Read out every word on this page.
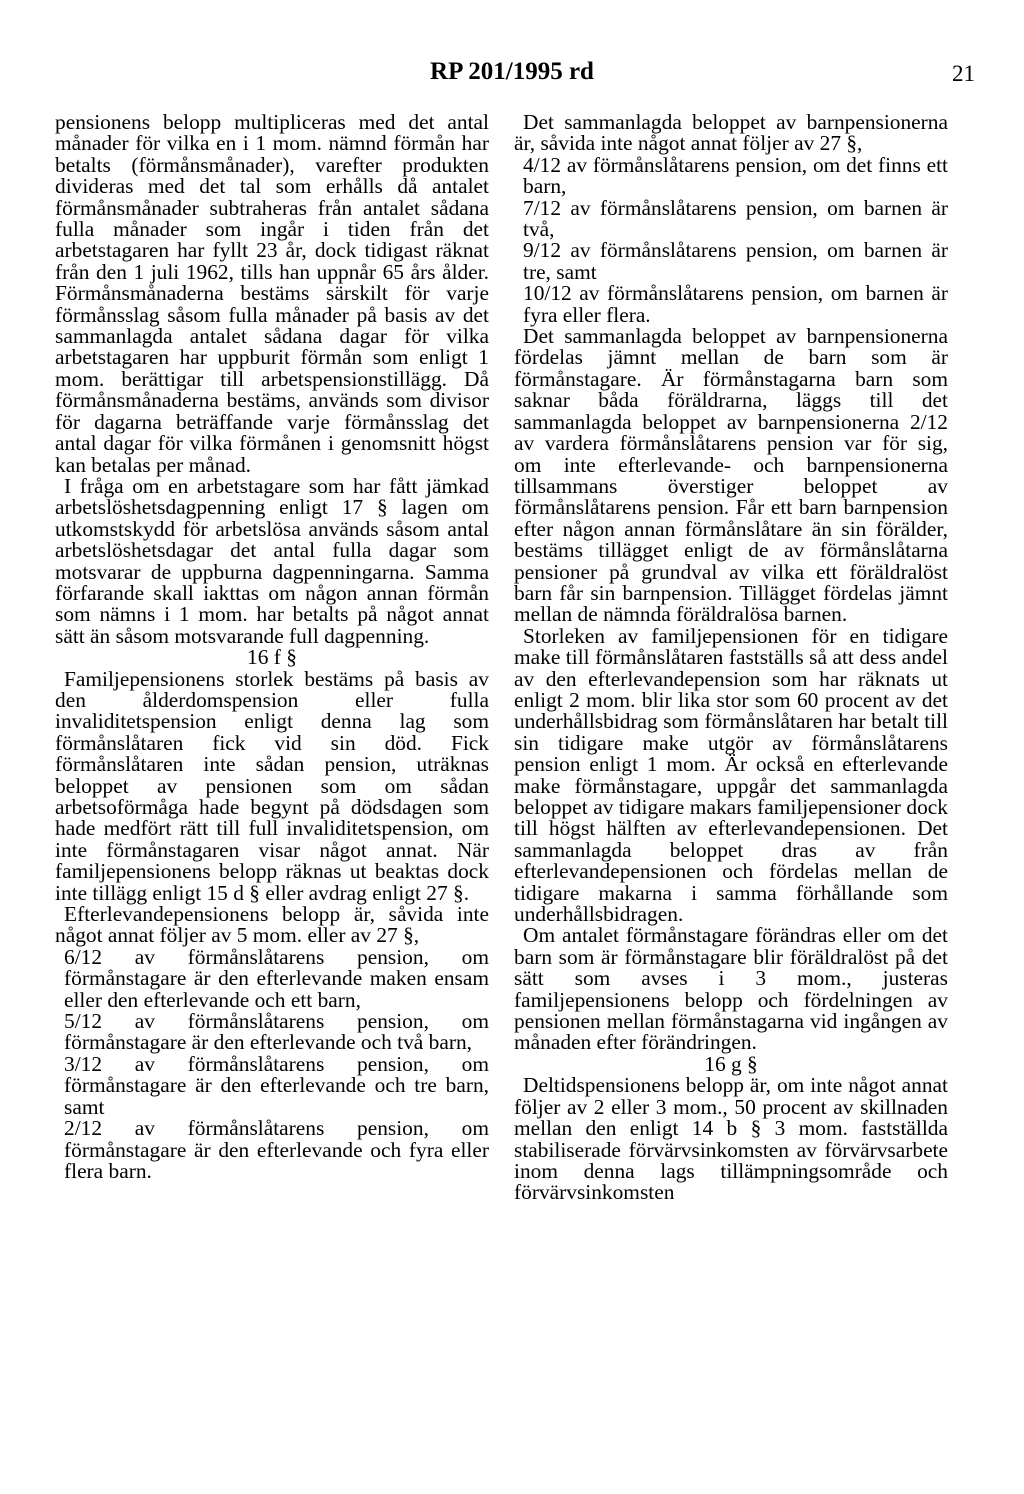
RP 201/1995 rd	21

pensionens belopp multipliceras med det antal månader för vilka en i 1 mom. nämnd förmån har betalts (förmånsmånader), varefter produkten divideras med det tal som erhålls då antalet förmånsmånader subtraheras från antalet sådana fulla månader som ingår i tiden från det arbetstagaren har fyllt 23 år, dock tidigast räknat från den 1 juli 1962, tills han uppnår 65 års ålder. Förmånsmånaderna bestäms särskilt för varje förmånsslag såsom fulla månader på basis av det sammanlagda antalet sådana dagar för vilka arbetstagaren har uppburit förmån som enligt 1 mom. berättigar till arbetspensionstillägg. Då förmånsmånaderna bestäms, används som divisor för dagarna beträffande varje förmånsslag det antal dagar för vilka förmånen i genomsnitt högst kan betalas per månad.

I fråga om en arbetstagare som har fått jämkad arbetslöshetsdagpenning enligt 17 § lagen om utkomstskydd för arbetslösa används såsom antal arbetslöshetsdagar det antal fulla dagar som motsvarar de uppburna dagpenningarna. Samma förfarande skall iakttas om någon annan förmån som nämns i 1 mom. har betalts på något annat sätt än såsom motsvarande full dagpenning.

16 f §

Familjepensionens storlek bestäms på basis av den ålderdomspension eller fulla invaliditetspension enligt denna lag som förmånslåtaren fick vid sin död. Fick förmånslåtaren inte sådan pension, uträknas beloppet av pensionen som om sådan arbetsoförmåga hade begynt på dödsdagen som hade medfört rätt till full invaliditetspension, om inte förmånstagaren visar något annat. När familjepensionens belopp räknas ut beaktas dock inte tillägg enligt 15 d § eller avdrag enligt 27 §.

Efterlevandepensionens belopp är, såvida inte något annat följer av 5 mom. eller av 27 §,

6/12 av förmånslåtarens pension, om förmånstagare är den efterlevande maken ensam eller den efterlevande och ett barn,

5/12 av förmånslåtarens pension, om förmånstagare är den efterlevande och två barn,

3/12 av förmånslåtarens pension, om förmånstagare är den efterlevande och tre barn, samt

2/12 av förmånslåtarens pension, om förmånstagare är den efterlevande och fyra eller flera barn.

Det sammanlagda beloppet av barnpensionerna är, såvida inte något annat följer av 27 §,

4/12 av förmånslåtarens pension, om det finns ett barn,

7/12 av förmånslåtarens pension, om barnen är två,

9/12 av förmånslåtarens pension, om barnen är tre, samt

10/12 av förmånslåtarens pension, om barnen är fyra eller flera.

Det sammanlagda beloppet av barnpensionerna fördelas jämnt mellan de barn som är förmånstagare. Är förmånstagarna barn som saknar båda föräldrarna, läggs till det sammanlagda beloppet av barnpensionerna 2/12 av vardera förmånslåtarens pension var för sig, om inte efterlevande- och barnpensionerna tillsammans överstiger beloppet av förmånslåtarens pension. Får ett barn barnpension efter någon annan förmånslåtare än sin förälder, bestäms tillägget enligt de av förmånslåtarna pensioner på grundval av vilka ett föräldralöst barn får sin barnpension. Tillägget fördelas jämnt mellan de nämnda föräldralösa barnen.

Storleken av familjepensionen för en tidigare make till förmånslåtaren fastställs så att dess andel av den efterlevandepension som har räknats ut enligt 2 mom. blir lika stor som 60 procent av det underhållsbidrag som förmånslåtaren har betalt till sin tidigare make utgör av förmånslåtarens pension enligt 1 mom. Är också en efterlevande make förmånstagare, uppgår det sammanlagda beloppet av tidigare makars familjepensioner dock till högst hälften av efterlevandepensionen. Det sammanlagda beloppet dras av från efterlevandepensionen och fördelas mellan de tidigare makarna i samma förhållande som underhållsbidragen.

Om antalet förmånstagare förändras eller om det barn som är förmånstagare blir föräldralöst på det sätt som avses i 3 mom., justeras familjepensionens belopp och fördelningen av pensionen mellan förmånstagarna vid ingången av månaden efter förändringen.

16 g §

Deltidspensionens belopp är, om inte något annat följer av 2 eller 3 mom., 50 procent av skillnaden mellan den enligt 14 b § 3 mom. fastställda stabiliserade förvärvsinkomsten av förvärvsarbete inom denna lags tillämpningsområde och förvärvsinkomsten
